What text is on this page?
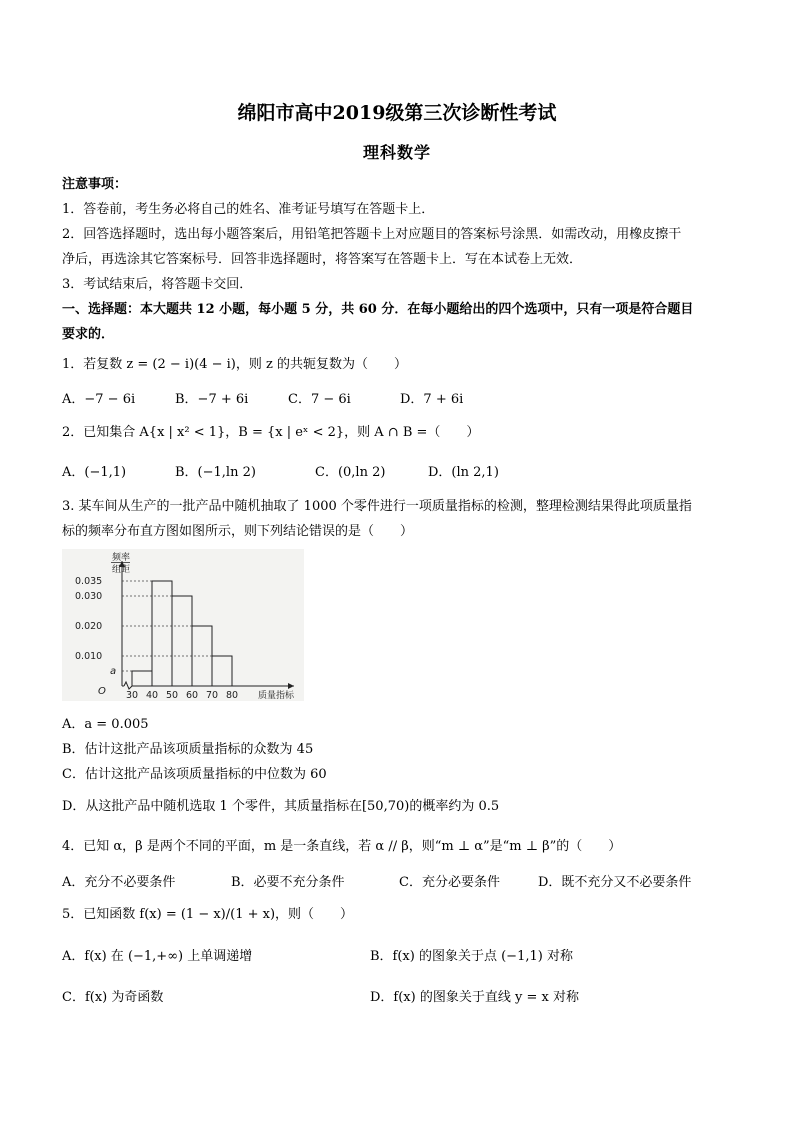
绵阳市高中2019级第三次诊断性考试
理科数学
注意事项：
1．答卷前，考生务必将自己的姓名、准考证号填写在答题卡上．
2．回答选择题时，选出每小题答案后，用铅笔把答题卡上对应题目的答案标号涂黑．如需改动，用橡皮擦干
净后，再选涂其它答案标号．回答非选择题时，将答案写在答题卡上．写在本试卷上无效．
3．考试结束后，将答题卡交回．
一、选择题：本大题共 12 小题，每小题 5 分，共 60 分．在每小题给出的四个选项中，只有一项是符合题目
要求的．
1．若复数 z = (2 − i)(4 − i)，则 z 的共轭复数为（　　）
A．−7 − 6i	B．−7 + 6i	C．7 − 6i	D．7 + 6i
2．已知集合 A{x | x² < 1}，B = {x | eˣ < 2}，则 A ∩ B =（　　）
A．(−1,1)	B．(−1,ln 2)	C．(0,ln 2)	D．(ln 2,1)
3. 某车间从生产的一批产品中随机抽取了 1000 个零件进行一项质量指标的检测，整理检测结果得此项质量指
标的频率分布直方图如图所示，则下列结论错误的是（　　）
0.035
0.030
0.020
0.010
a
30 40 50 60 70 80
频率
组距
质量指标
O
A．a = 0.005
B．估计这批产品该项质量指标的众数为 45
C．估计这批产品该项质量指标的中位数为 60
D．从这批产品中随机选取 1 个零件，其质量指标在[50,70)的概率约为 0.5
4．已知 α，β 是两个不同的平面，m 是一条直线，若 α // β，则“m ⊥ α”是“m ⊥ β”的（　　）
A．充分不必要条件	B．必要不充分条件	C．充分必要条件	D．既不充分又不必要条件
5．已知函数 f(x) = (1 − x)/(1 + x)，则（　　）
A．f(x) 在 (−1,+∞) 上单调递增	B．f(x) 的图象关于点 (−1,1) 对称
C．f(x) 为奇函数	D．f(x) 的图象关于直线 y = x 对称
